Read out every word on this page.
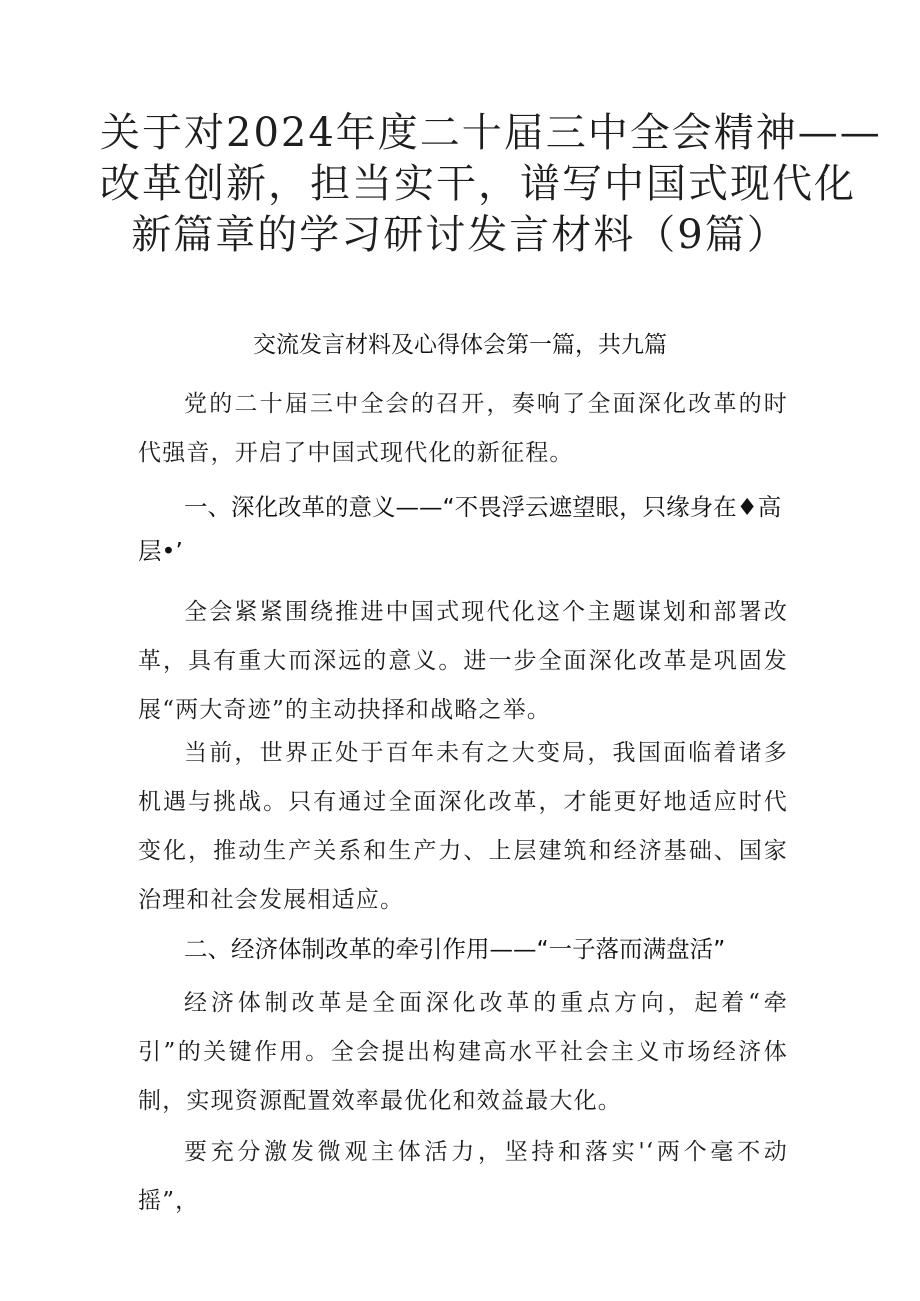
关于对2024年度二十届三中全会精神——
改革创新，担当实干，谱写中国式现代化
新篇章的学习研讨发言材料（9篇）
交流发言材料及心得体会第一篇，共九篇
党的二十届三中全会的召开，奏响了全面深化改革的时代强音，开启了中国式现代化的新征程。
一、深化改革的意义——“不畏浮云遮望眼，只缘身在♦高层•’
全会紧紧围绕推进中国式现代化这个主题谋划和部署改革，具有重大而深远的意义。进一步全面深化改革是巩固发展“两大奇迹”的主动抉择和战略之举。
当前，世界正处于百年未有之大变局，我国面临着诸多机遇与挑战。只有通过全面深化改革，才能更好地适应时代变化，推动生产关系和生产力、上层建筑和经济基础、国家治理和社会发展相适应。
二、经济体制改革的牵引作用——“一子落而满盘活”
经济体制改革是全面深化改革的重点方向，起着“牵引”的关键作用。全会提出构建高水平社会主义市场经济体制，实现资源配置效率最优化和效益最大化。
要充分激发微观主体活力，坚持和落实'‘两个毫不动摇”，
